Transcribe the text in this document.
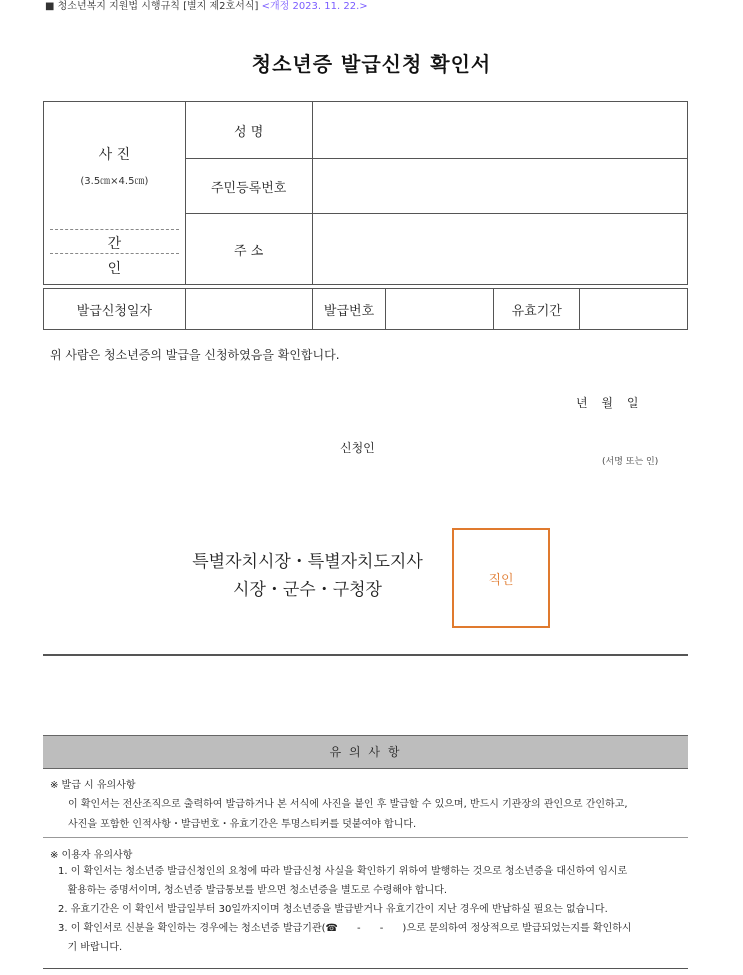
■ 청소년복지 지원법 시행규칙 [별지 제2호서식] <개정 2023. 11. 22.>
청소년증 발급신청 확인서
사 진
(3.5㎝×4.5㎝)
간
인	성 명	
	주민등록번호	
	주 소	
발급신청일자		발급번호		유효기간	
위 사람은 청소년증의 발급을 신청하였음을 확인합니다.
년 월 일
신청인
(서명 또는 인)
특별자치시장・특별자치도지사
시장・군수・구청장	직인
유 의 사 항
※ 발급 시 유의사항
이 확인서는 전산조직으로 출력하여 발급하거나 본 서식에 사진을 붙인 후 발급할 수 있으며, 반드시 기관장의 관인으로 간인하고,
사진을 포함한 인적사항・발급번호・유효기간은 투명스티커를 덧붙여야 합니다.
※ 이용자 유의사항
1. 이 확인서는 청소년증 발급신청인의 요청에 따라 발급신청 사실을 확인하기 위하여 발행하는 것으로 청소년증을 대신하여 임시로
활용하는 증명서이며, 청소년증 발급통보를 받으면 청소년증을 별도로 수령해야 합니다.
2. 유효기간은 이 확인서 발급일부터 30일까지이며 청소년증을 발급받거나 유효기간이 지난 경우에 반납하실 필요는 없습니다.
3. 이 확인서로 신분을 확인하는 경우에는 청소년증 발급기관(☎      -      -      )으로 문의하여 정상적으로 발급되었는지를 확인하시
기 바랍니다.
